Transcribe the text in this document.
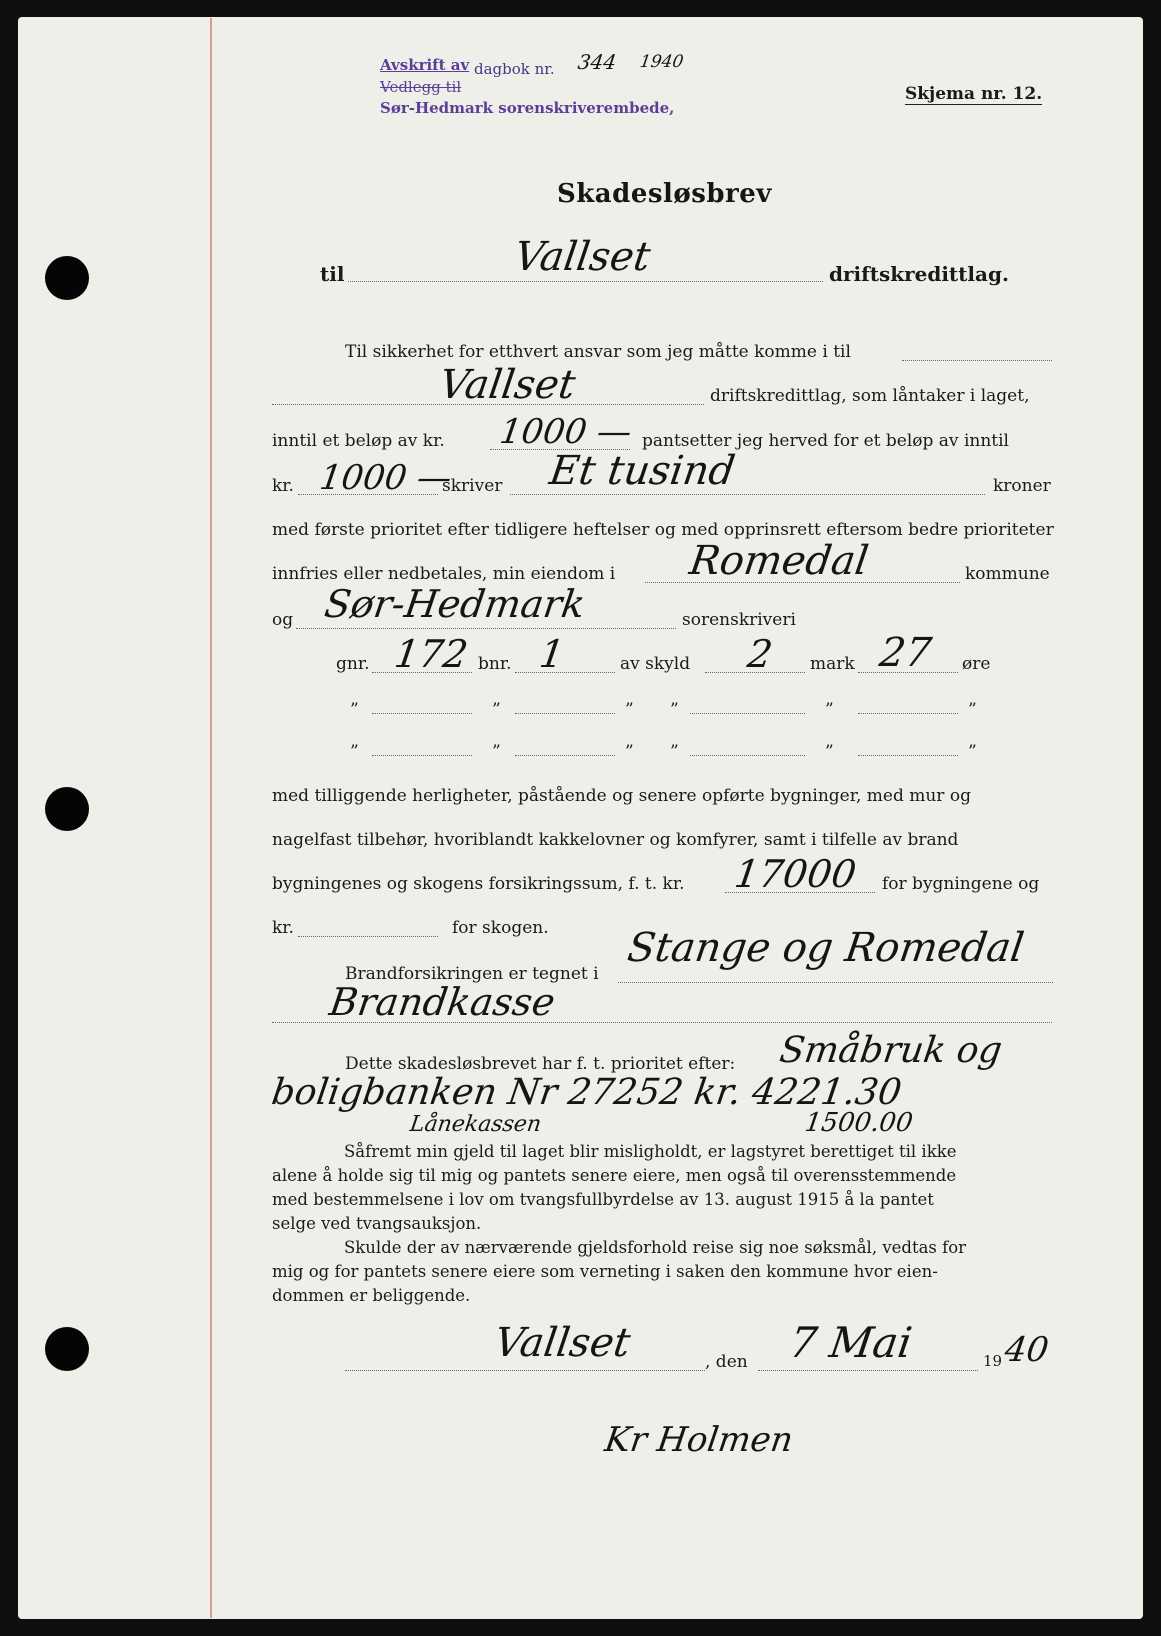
Avskrift av dagbok nr. 344 1940
Vedlegg til
Sør-Hedmark sorenskriverembede,
Skjema nr. 12.
Skadesløsbrev
til	Vallset	driftskredittlag.
Til sikkerhet for etthvert ansvar som jeg måtte komme i til
Vallset	driftskredittlag, som låntaker i laget,
inntil et beløp av kr. 1000 — pantsetter jeg herved for et beløp av inntil
kr. 1000 —
skriver Et tusind	kroner
med første prioritet efter tidligere heftelser og med opprinsrett eftersom bedre prioriteter
innfries eller nedbetales, min eiendom i Romedal	kommune
og Sør-Hedmark	sorenskriveri
gnr. 172 bnr. 1	av skyld 2 mark 27 øre
”	”	” ”	”	”
”	”	” ”	”	”
med tilliggende herligheter, påstående og senere opførte bygninger, med mur og
nagelfast tilbehør, hvoriblandt kakkelovner og komfyrer, samt i tilfelle av brand
bygningenes og skogens forsikringssum, f. t. kr. 17000 for bygningene og
kr.	for skogen.
Brandforsikringen er tegnet i
Stange og Romedal
Brandkasse
Dette skadesløsbrevet har f. t. prioritet efter: Småbruk og
boligbanken Nr 27252 kr. 4221.30
Lånekassen	1500.00
Såfremt min gjeld til laget blir misligholdt, er lagstyret berettiget til ikke
alene å holde sig til mig og pantets senere eiere, men også til overensstemmende
med bestemmelsene i lov om tvangsfullbyrdelse av 13. august 1915 å la pantet
selge ved tvangsauksjon.
Skulde der av nærværende gjeldsforhold reise sig noe søksmål, vedtas for
mig og for pantets senere eiere som verneting i saken den kommune hvor eien-
dommen er beliggende.
Vallset	, den 7 Mai	19 40
Kr Holmen
